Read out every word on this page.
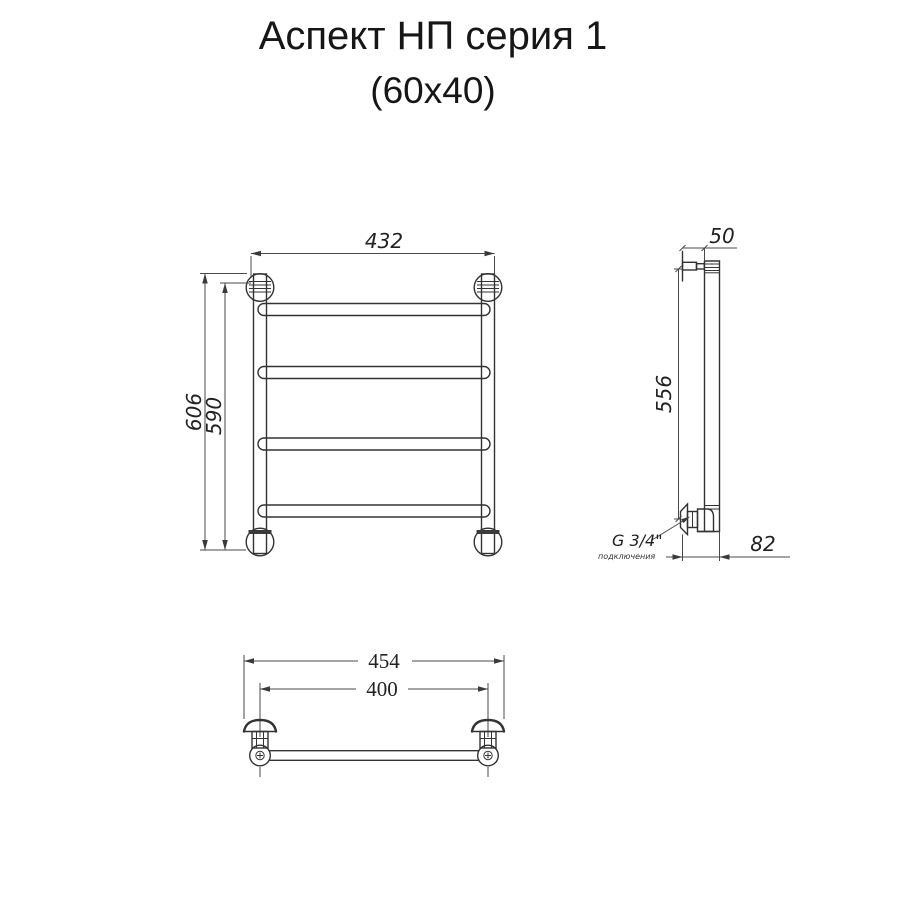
Аспект НП серия 1
(60х40)
432
606
590
50
556
82
G 3/4"
подключения
454
400
